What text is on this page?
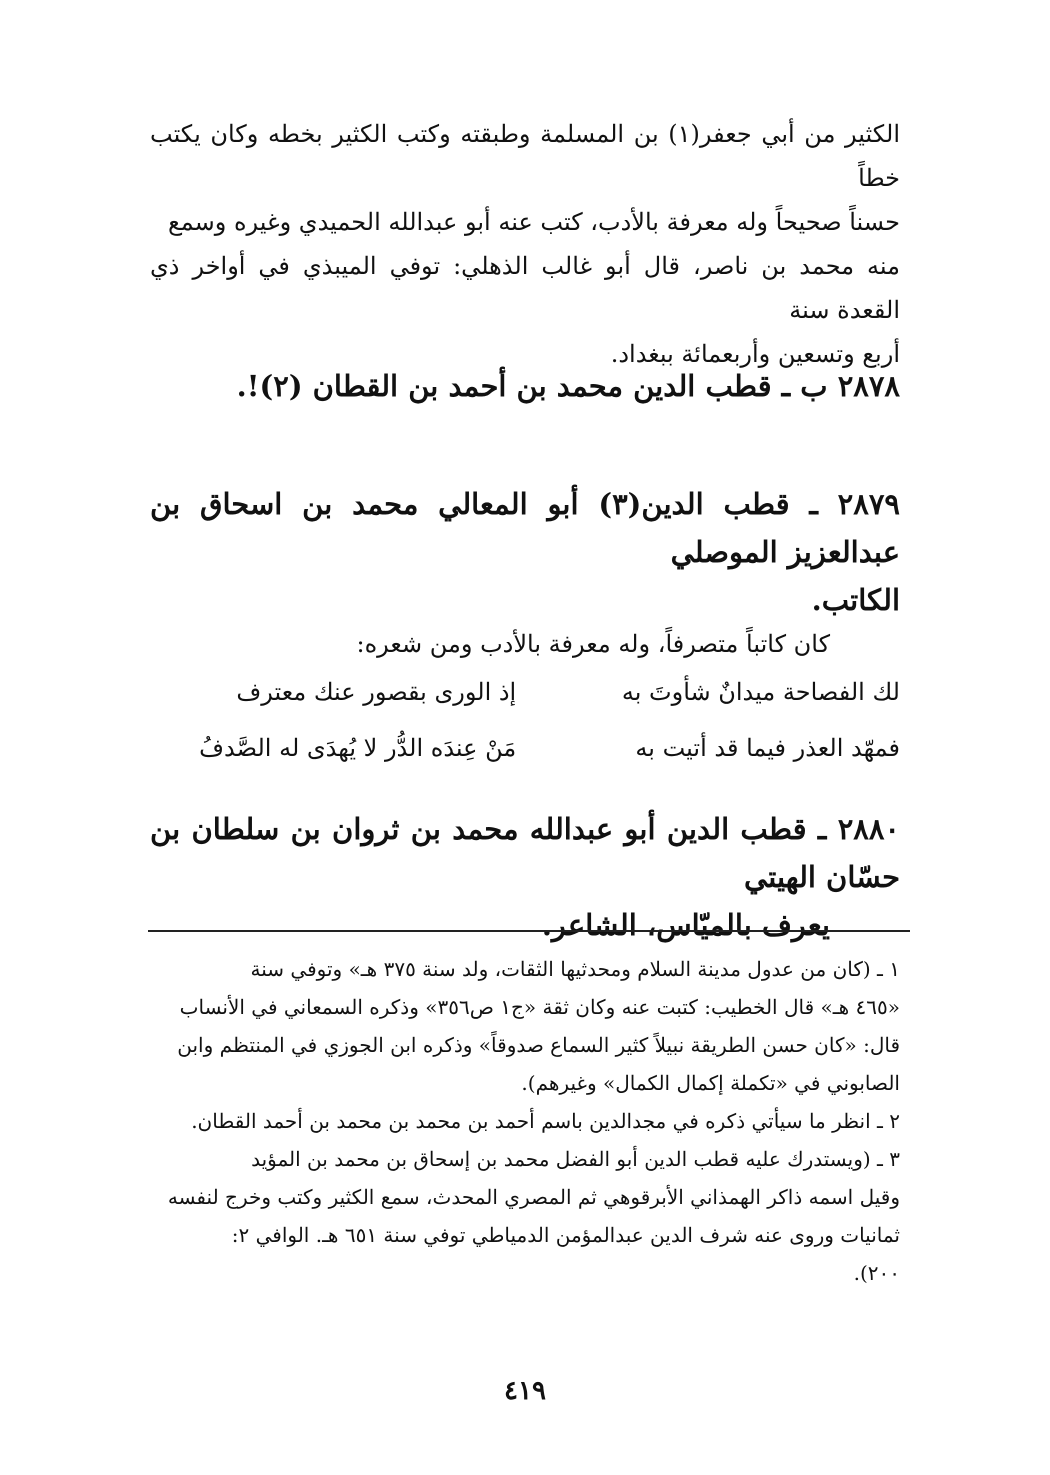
الكثير من أبي جعفر(١) بن المسلمة وطبقته وكتب الكثير بخطه وكان يكتب خطاً

حسناً صحيحاً وله معرفة بالأدب، كتب عنه أبو عبدالله الحميدي وغيره وسمع

منه محمد بن ناصر، قال أبو غالب الذهلي: توفي الميبذي في أواخر ذي القعدة سنة

أربع وتسعين وأربعمائة ببغداد.

٢٨٧٨ ب ـ قطب الدين محمد بن أحمد بن القطان (٢)!.

٢٨٧٩ ـ قطب الدين(٣) أبو المعالي محمد بن اسحاق بن عبدالعزيز الموصلي

الكاتب.

كان كاتباً متصرفاً، وله معرفة بالأدب ومن شعره:

لك الفصاحة ميدانٌ شأوتَ به
إذ الورى بقصور عنك معترف
فمهّد العذر فيما قد أتيت به
مَنْ عِندَه الدُّر لا يُهدَى له الصَّدفُ

٢٨٨٠ ـ قطب الدين أبو عبدالله محمد بن ثروان بن سلطان بن حسّان الهيتي

يعرف بالميّاس، الشاعر.

١ ـ (كان من عدول مدينة السلام ومحدثيها الثقات، ولد سنة ٣٧٥ هـ» وتوفي سنة

«٤٦٥ هـ» قال الخطيب: كتبت عنه وكان ثقة «ج١ ص٣٥٦» وذكره السمعاني في الأنساب

قال: «كان حسن الطريقة نبيلاً كثير السماع صدوقاً» وذكره ابن الجوزي في المنتظم وابن

الصابوني في «تكملة إكمال الكمال» وغيرهم).

٢ ـ انظر ما سيأتي ذكره في مجدالدين باسم أحمد بن محمد بن محمد بن أحمد القطان.

٣ ـ (ويستدرك عليه قطب الدين أبو الفضل محمد بن إسحاق بن محمد بن المؤيد

وقيل اسمه ذاكر الهمذاني الأبرقوهي ثم المصري المحدث، سمع الكثير وكتب وخرج لنفسه

ثمانيات وروى عنه شرف الدين عبدالمؤمن الدمياطي توفي سنة ٦٥١ هـ. الوافي ٢:

٢٠٠).

٤١٩
